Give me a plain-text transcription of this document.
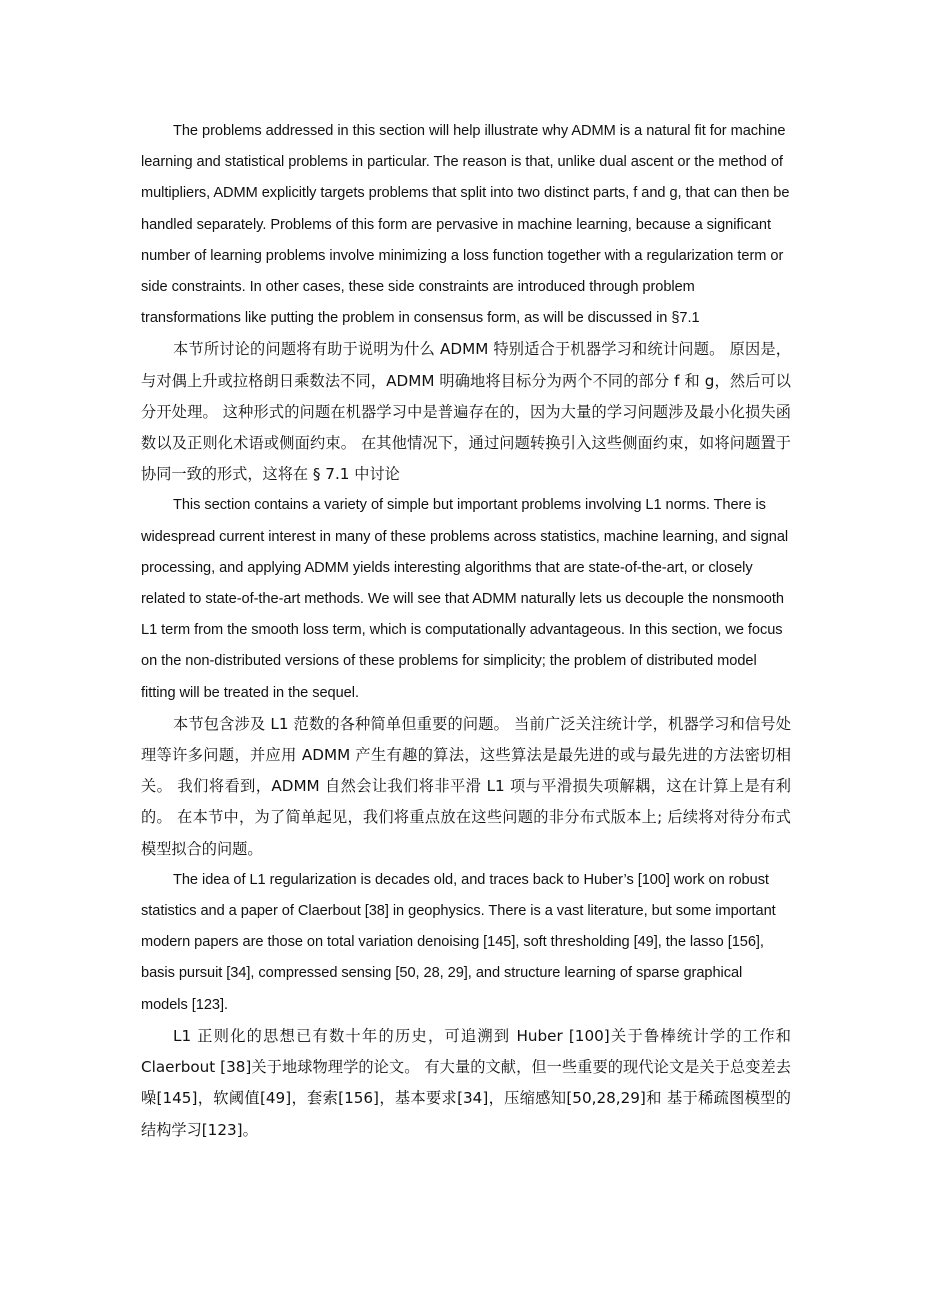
The problems addressed in this section will help illustrate why ADMM is a natural fit for machine learning and statistical problems in particular. The reason is that, unlike dual ascent or the method of multipliers, ADMM explicitly targets problems that split into two distinct parts, f and g, that can then be handled separately. Problems of this form are pervasive in machine learning, because a significant number of learning problems involve minimizing a loss function together with a regularization term or side constraints. In other cases, these side constraints are introduced through problem transformations like putting the problem in consensus form, as will be discussed in §7.1

本节所讨论的问题将有助于说明为什么 ADMM 特别适合于机器学习和统计问题。 原因是，与对偶上升或拉格朗日乘数法不同，ADMM 明确地将目标分为两个不同的部分 f 和 g，然后可以分开处理。 这种形式的问题在机器学习中是普遍存在的，因为大量的学习问题涉及最小化损失函数以及正则化术语或侧面约束。 在其他情况下，通过问题转换引入这些侧面约束，如将问题置于协同一致的形式，这将在 § 7.1 中讨论

This section contains a variety of simple but important problems involving L1 norms. There is widespread current interest in many of these problems across statistics, machine learning, and signal processing, and applying ADMM yields interesting algorithms that are state-of-the-art, or closely related to state-of-the-art methods. We will see that ADMM naturally lets us decouple the nonsmooth L1 term from the smooth loss term, which is computationally advantageous. In this section, we focus on the non-distributed versions of these problems for simplicity; the problem of distributed model fitting will be treated in the sequel.

本节包含涉及 L1 范数的各种简单但重要的问题。 当前广泛关注统计学，机器学习和信号处理等许多问题，并应用 ADMM 产生有趣的算法，这些算法是最先进的或与最先进的方法密切相关。 我们将看到，ADMM 自然会让我们将非平滑 L1 项与平滑损失项解耦，这在计算上是有利的。 在本节中，为了简单起见，我们将重点放在这些问题的非分布式版本上; 后续将对待分布式模型拟合的问题。

The idea of L1 regularization is decades old, and traces back to Huber’s [100] work on robust statistics and a paper of Claerbout [38] in geophysics. There is a vast literature, but some important modern papers are those on total variation denoising [145], soft thresholding [49], the lasso [156], basis pursuit [34], compressed sensing [50, 28, 29], and structure learning of sparse graphical models [123].

L1 正则化的思想已有数十年的历史，可追溯到 Huber [100]关于鲁棒统计学的工作和 Claerbout [38]关于地球物理学的论文。 有大量的文献，但一些重要的现代论文是关于总变差去噪[145]，软阈值[49]，套索[156]，基本要求[34]，压缩感知[50,28,29]和 基于稀疏图模型的结构学习[123]。
